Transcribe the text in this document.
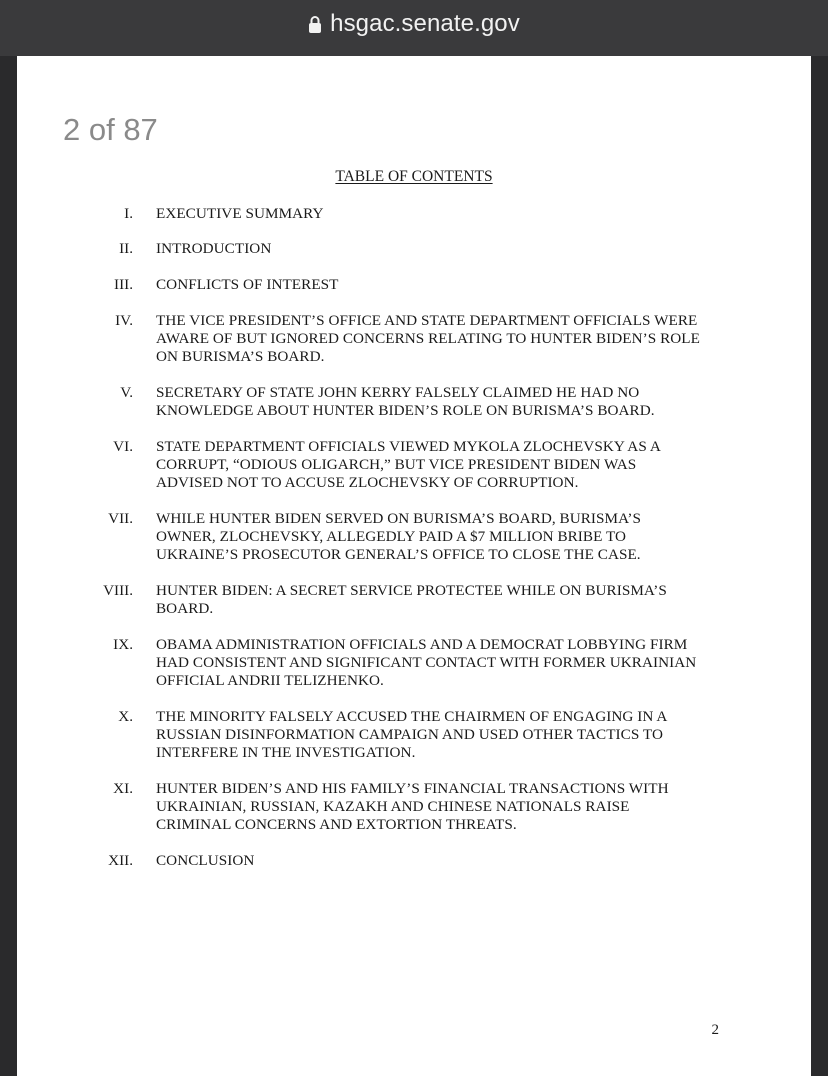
hsgac.senate.gov
2 of 87
TABLE OF CONTENTS
I. EXECUTIVE SUMMARY
II. INTRODUCTION
III. CONFLICTS OF INTEREST
IV. THE VICE PRESIDENT’S OFFICE AND STATE DEPARTMENT OFFICIALS WERE
AWARE OF BUT IGNORED CONCERNS RELATING TO HUNTER BIDEN’S ROLE
ON BURISMA’S BOARD.
V. SECRETARY OF STATE JOHN KERRY FALSELY CLAIMED HE HAD NO
KNOWLEDGE ABOUT HUNTER BIDEN’S ROLE ON BURISMA’S BOARD.
VI. STATE DEPARTMENT OFFICIALS VIEWED MYKOLA ZLOCHEVSKY AS A
CORRUPT, “ODIOUS OLIGARCH,” BUT VICE PRESIDENT BIDEN WAS
ADVISED NOT TO ACCUSE ZLOCHEVSKY OF CORRUPTION.
VII. WHILE HUNTER BIDEN SERVED ON BURISMA’S BOARD, BURISMA’S
OWNER, ZLOCHEVSKY, ALLEGEDLY PAID A $7 MILLION BRIBE TO
UKRAINE’S PROSECUTOR GENERAL’S OFFICE TO CLOSE THE CASE.
VIII. HUNTER BIDEN: A SECRET SERVICE PROTECTEE WHILE ON BURISMA’S
BOARD.
IX. OBAMA ADMINISTRATION OFFICIALS AND A DEMOCRAT LOBBYING FIRM
HAD CONSISTENT AND SIGNIFICANT CONTACT WITH FORMER UKRAINIAN
OFFICIAL ANDRII TELIZHENKO.
X. THE MINORITY FALSELY ACCUSED THE CHAIRMEN OF ENGAGING IN A
RUSSIAN DISINFORMATION CAMPAIGN AND USED OTHER TACTICS TO
INTERFERE IN THE INVESTIGATION.
XI. HUNTER BIDEN’S AND HIS FAMILY’S FINANCIAL TRANSACTIONS WITH
UKRAINIAN, RUSSIAN, KAZAKH AND CHINESE NATIONALS RAISE
CRIMINAL CONCERNS AND EXTORTION THREATS.
XII. CONCLUSION
2
